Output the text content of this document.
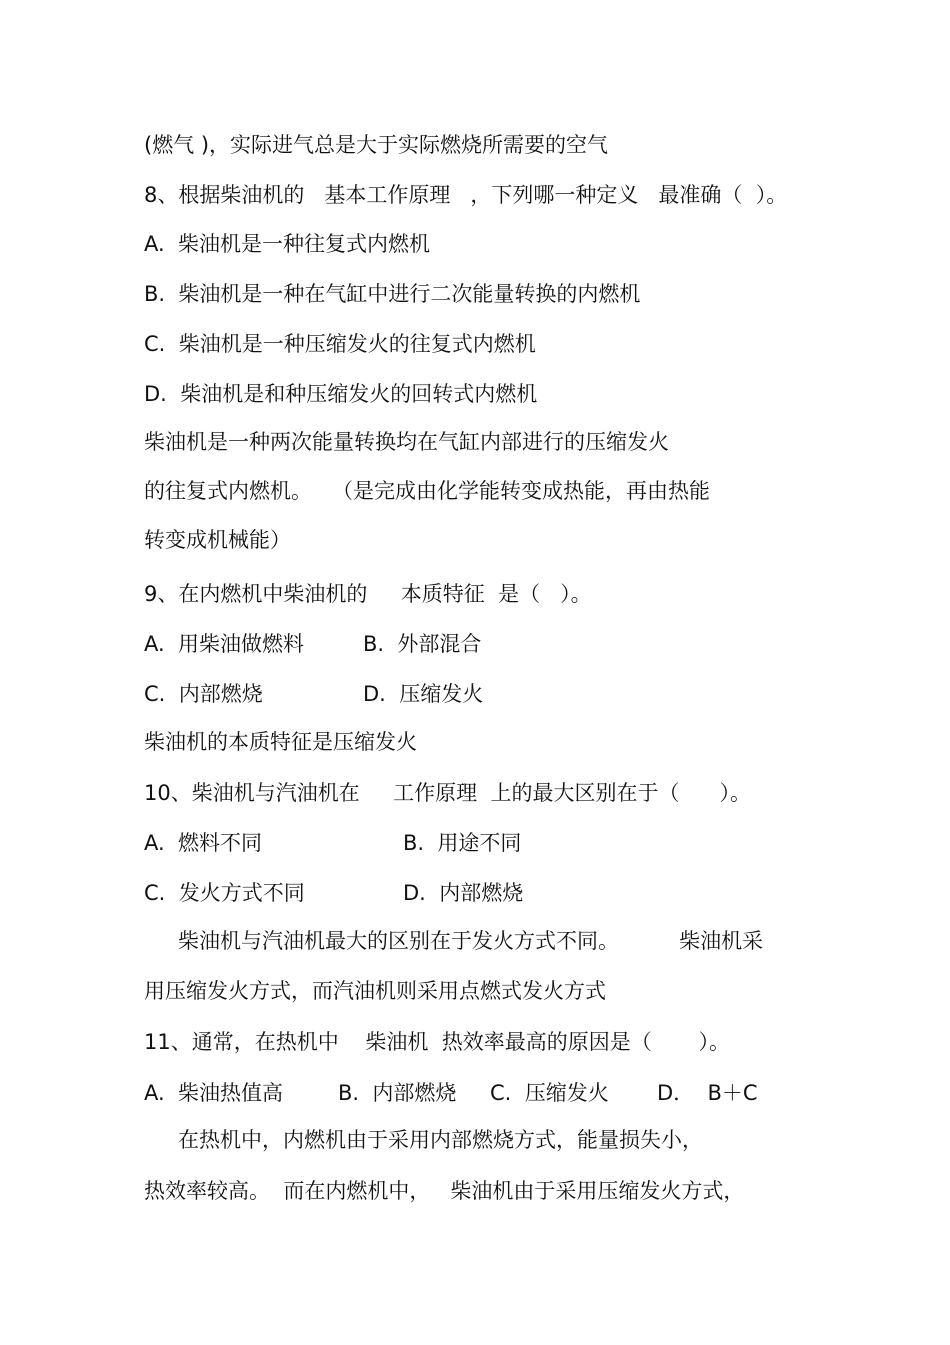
(燃气 )，实际进气总是大于实际燃烧所需要的空气

8、根据柴油机的   基本工作原理   ，下列哪一种定义   最准确（  ）。

A.  柴油机是一种往复式内燃机

B.  柴油机是一种在气缸中进行二次能量转换的内燃机

C.  柴油机是一种压缩发火的往复式内燃机

D.  柴油机是和种压缩发火的回转式内燃机

柴油机是一种两次能量转换均在气缸内部进行的压缩发火

的往复式内燃机。   （是完成由化学能转变成热能，再由热能

转变成机械能）

9、在内燃机中柴油机的     本质特征  是（   ）。

A.  用柴油做燃料	B.  外部混合

C.  内部燃烧	D.  压缩发火

柴油机的本质特征是压缩发火

10、柴油机与汽油机在     工作原理  上的最大区别在于（      ）。

A.  燃料不同	B.  用途不同

C.  发火方式不同	D.  内部燃烧

柴油机与汽油机最大的区别在于发火方式不同。         柴油机采

用压缩发火方式，而汽油机则采用点燃式发火方式

11、通常，在热机中    柴油机  热效率最高的原因是（       ）。

A.  柴油热值高	B.  内部燃烧 C.  压缩发火 D．  B＋C

在热机中，内燃机由于采用内部燃烧方式，能量损失小，

热效率较高。  而在内燃机中，   柴油机由于采用压缩发火方式，
